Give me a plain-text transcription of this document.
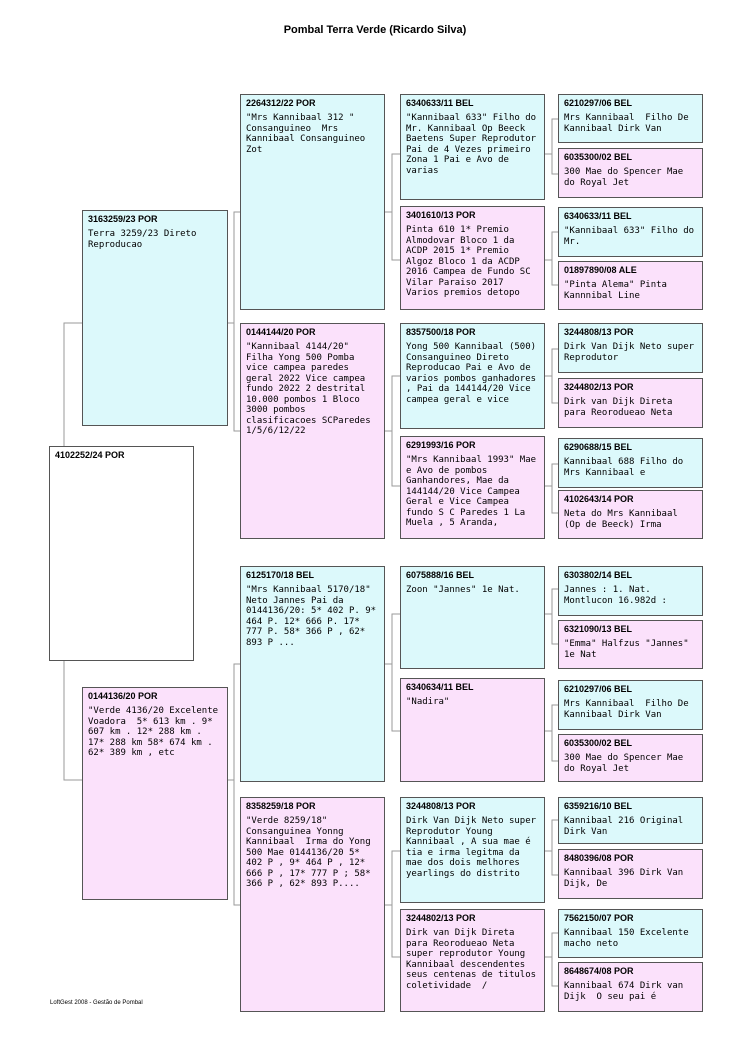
Pombal Terra Verde (Ricardo Silva)
4102252/24 POR
3163259/23 POR
Terra 3259/23 Direto Reproducao
0144136/20 POR
"Verde 4136/20 Excelente Voadora  5* 613 km . 9* 607 km . 12* 288 km . 17* 288 km 58* 674 km . 62* 389 km , etc
2264312/22 POR
"Mrs Kannibaal 312 " Consanguineo  Mrs Kannibaal Consanguineo  Zot
0144144/20 POR
"Kannibaal 4144/20" Filha Yong 500 Pomba vice campea paredes geral 2022 Vice campea fundo 2022 2 destrital 10.000 pombos 1 Bloco 3000 pombos clasificacoes SCParedes 1/5/6/12/22
6125170/18 BEL
"Mrs Kannibaal 5170/18" Neto Jannes Pai da 0144136/20: 5* 402 P. 9* 464 P. 12* 666 P. 17* 777 P. 58* 366 P , 62* 893 P ...
8358259/18 POR
"Verde 8259/18" Consanguinea Yonng Kannibaal  Irma do Yong 500 Mae 0144136/20 5* 402 P , 9* 464 P , 12* 666 P , 17* 777 P ; 58* 366 P , 62* 893 P....
6340633/11 BEL
"Kannibaal 633" Filho do Mr. Kannibaal Op Beeck Baetens Super Reprodutor Pai de 4 Vezes primeiro Zona 1 Pai e Avo de varias
3401610/13 POR
Pinta 610 1* Premio Almodovar Bloco 1 da ACDP 2015 1* Premio Algoz Bloco 1 da ACDP 2016 Campea de Fundo SC Vilar Paraiso 2017 Varios premios detopo
8357500/18 POR
Yong 500 Kannibaal (500) Consanguineo Direto Reproducao Pai e Avo de varios pombos ganhadores , Pai da 144144/20 Vice campea geral e vice
6291993/16 POR
"Mrs Kannibaal 1993" Mae e Avo de pombos Ganhandores, Mae da 144144/20 Vice Campea Geral e Vice Campea fundo S C Paredes 1 La Muela , 5 Aranda,
6075888/16 BEL
Zoon "Jannes" 1e Nat.
6340634/11 BEL
"Nadira"
3244808/13 POR
Dirk Van Dijk Neto super Reprodutor Young Kannibaal , A sua mae é tia e irma legitma da mae dos dois melhores yearlings do distrito
3244802/13 POR
Dirk van Dijk Direta para Reorodueao Neta super reprodutor Young Kannibaal descendentes seus centenas de titulos coletividade  /
6210297/06 BEL
Mrs Kannibaal  Filho De Kannibaal Dirk Van
6035300/02 BEL
300 Mae do Spencer Mae do Royal Jet
6340633/11 BEL
"Kannibaal 633" Filho do Mr.
01897890/08 ALE
"Pinta Alema" Pinta Kannnibal Line
3244808/13 POR
Dirk Van Dijk Neto super Reprodutor
3244802/13 POR
Dirk van Dijk Direta para Reorodueao Neta
6290688/15 BEL
Kannibaal 688 Filho do Mrs Kannibaal e
4102643/14 POR
Neta do Mrs Kannibaal (Op de Beeck) Irma
6303802/14 BEL
Jannes : 1. Nat. Montlucon 16.982d :
6321090/13 BEL
"Emma" Halfzus "Jannes" 1e Nat
6210297/06 BEL
Mrs Kannibaal  Filho De Kannibaal Dirk Van
6035300/02 BEL
300 Mae do Spencer Mae do Royal Jet
6359216/10 BEL
Kannibaal 216 Original Dirk Van
8480396/08 POR
Kannibaal 396 Dirk Van Dijk, De
7562150/07 POR
Kannibaal 150 Excelente macho neto
8648674/08 POR
Kannibaal 674 Dirk van Dijk  O seu pai é
LoftGest 2008 - Gestão de Pombal
